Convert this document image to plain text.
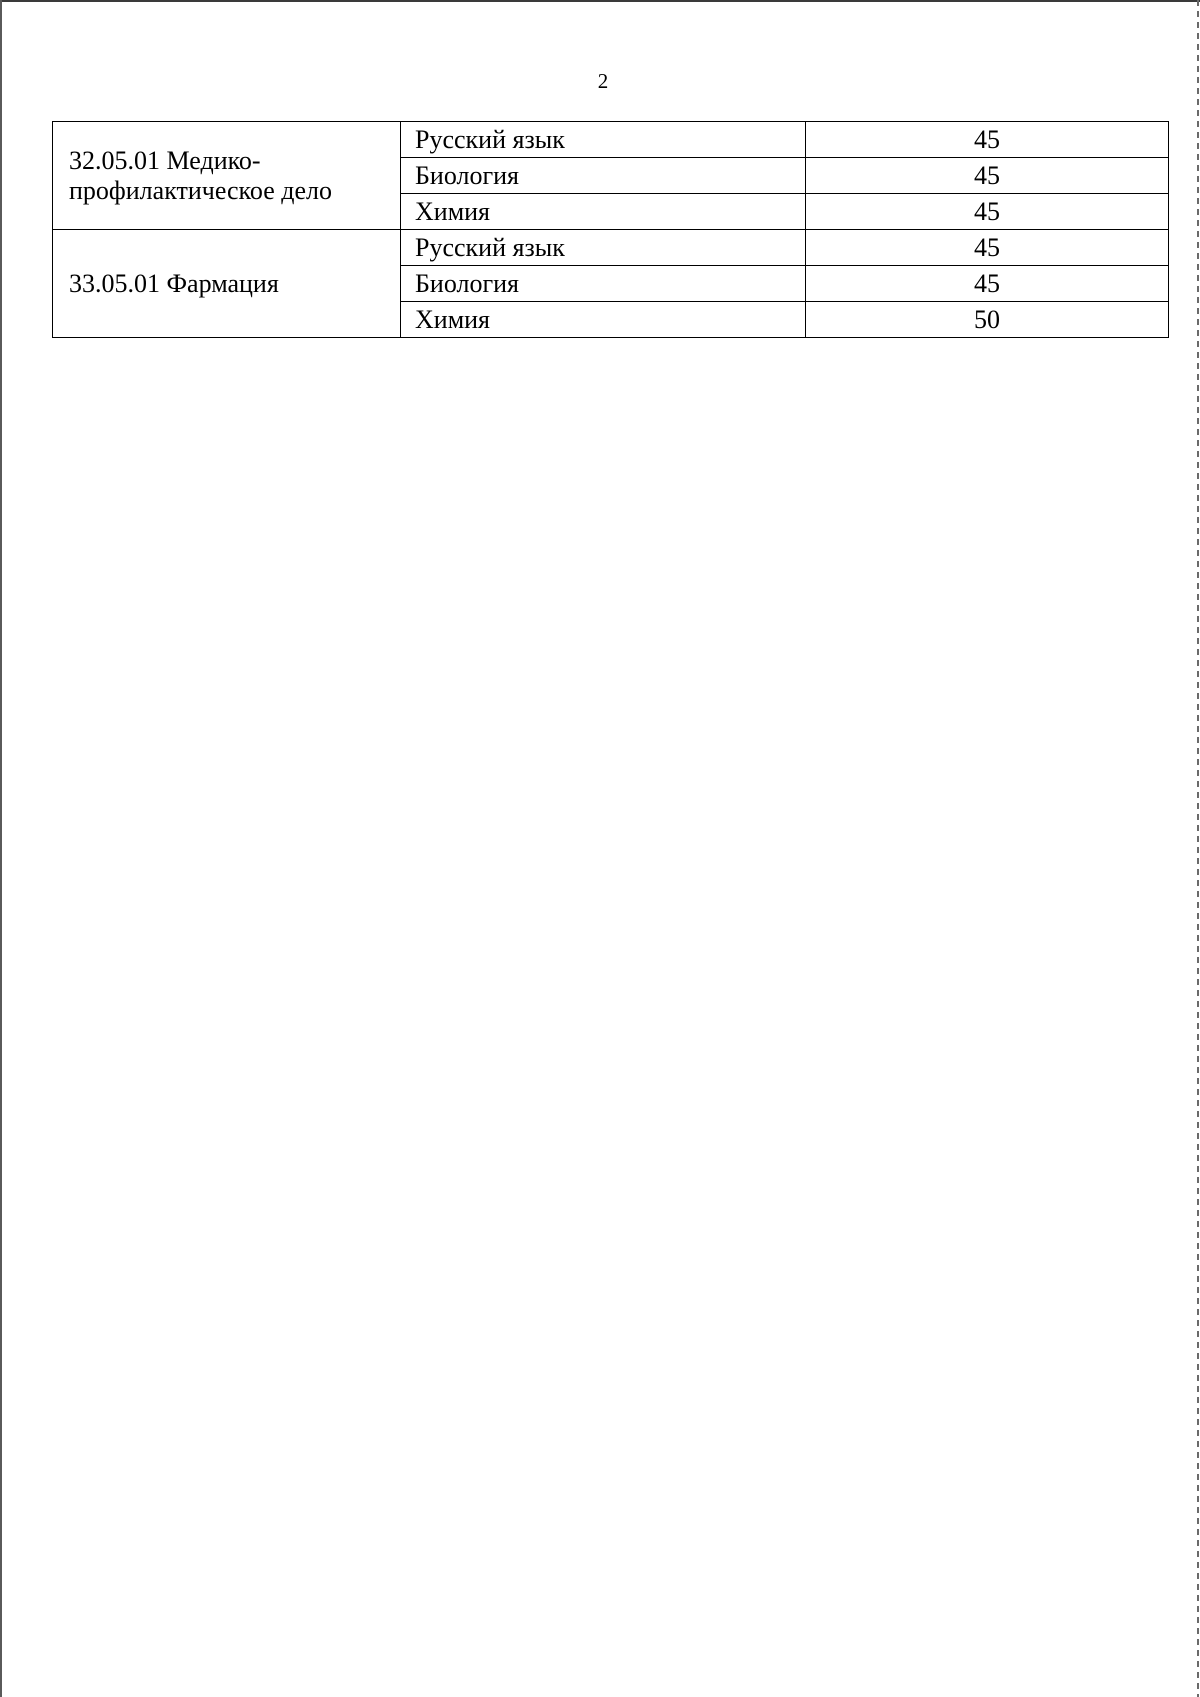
2
32.05.01 Медико-профилактическое дело	Русский язык	45
	Биология	45
	Химия	45
33.05.01 Фармация	Русский язык	45
	Биология	45
	Химия	50
